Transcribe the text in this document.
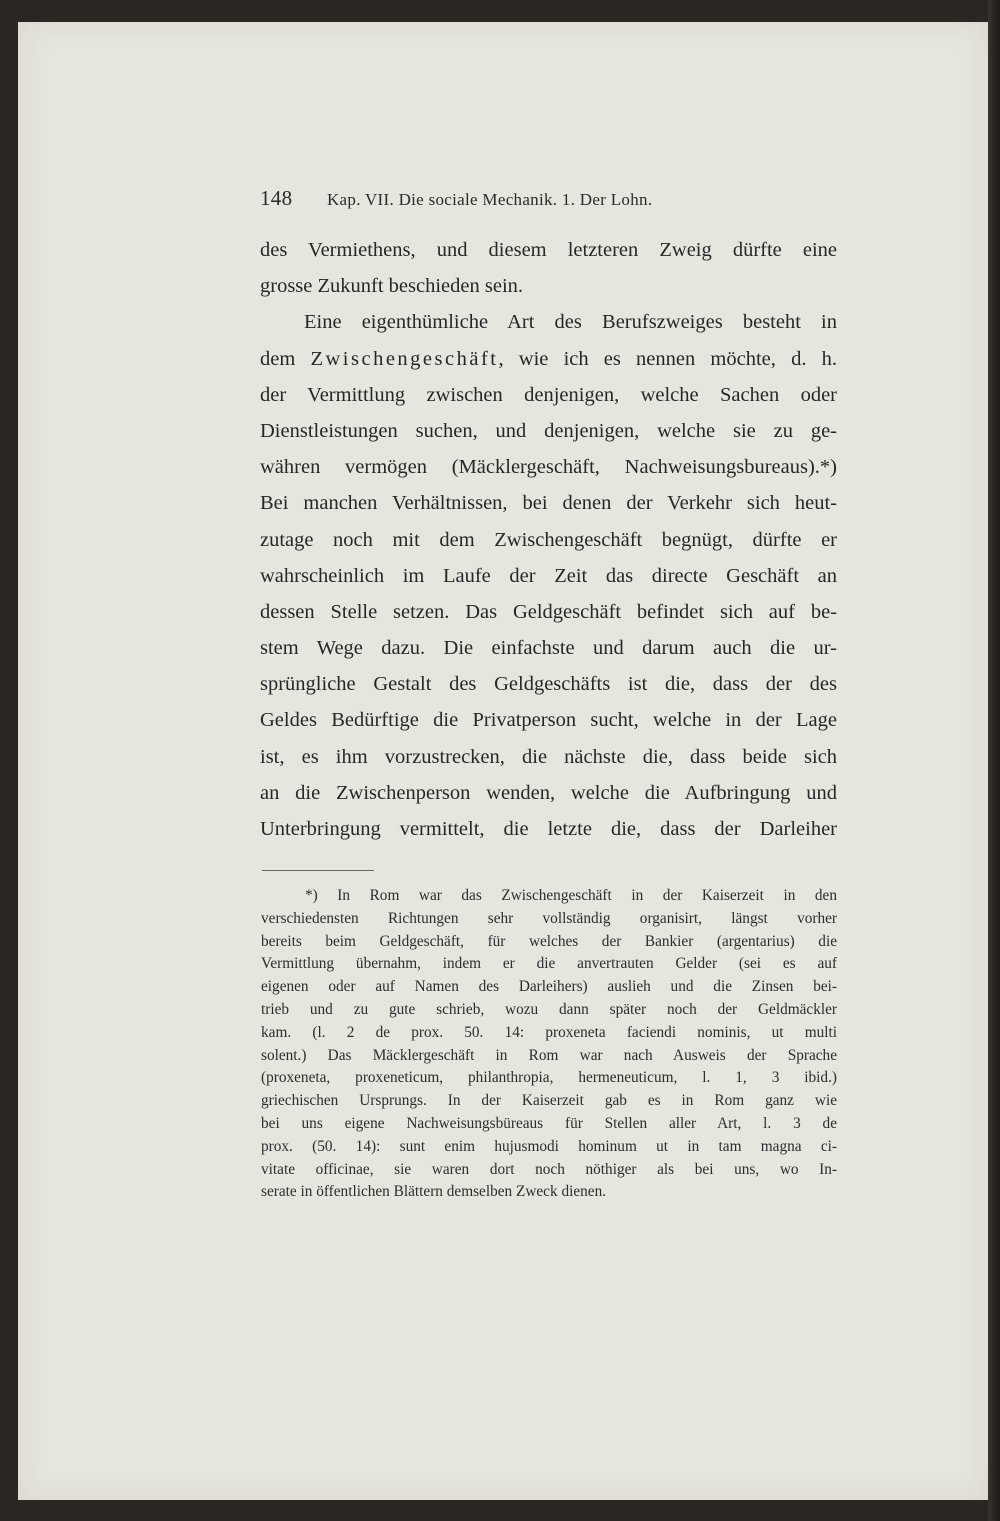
148 Kap. VII. Die sociale Mechanik. 1. Der Lohn.
des Vermiethens, und diesem letzteren Zweig dürfte eine
grosse Zukunft beschieden sein.
Eine eigenthümliche Art des Berufszweiges besteht in
dem Zwischengeschäft, wie ich es nennen möchte, d. h.
der Vermittlung zwischen denjenigen, welche Sachen oder
Dienstleistungen suchen, und denjenigen, welche sie zu ge-
währen vermögen (Mäcklergeschäft, Nachweisungsbureaus).*)
Bei manchen Verhältnissen, bei denen der Verkehr sich heut-
zutage noch mit dem Zwischengeschäft begnügt, dürfte er
wahrscheinlich im Laufe der Zeit das directe Geschäft an
dessen Stelle setzen. Das Geldgeschäft befindet sich auf be-
stem Wege dazu. Die einfachste und darum auch die ur-
sprüngliche Gestalt des Geldgeschäfts ist die, dass der des
Geldes Bedürftige die Privatperson sucht, welche in der Lage
ist, es ihm vorzustrecken, die nächste die, dass beide sich
an die Zwischenperson wenden, welche die Aufbringung und
Unterbringung vermittelt, die letzte die, dass der Darleiher
*) In Rom war das Zwischengeschäft in der Kaiserzeit in den
verschiedensten Richtungen sehr vollständig organisirt, längst vorher
bereits beim Geldgeschäft, für welches der Bankier (argentarius) die
Vermittlung übernahm, indem er die anvertrauten Gelder (sei es auf
eigenen oder auf Namen des Darleihers) auslieh und die Zinsen bei-
trieb und zu gute schrieb, wozu dann später noch der Geldmäckler
kam. (l. 2 de prox. 50. 14: proxeneta faciendi nominis, ut multi
solent.) Das Mäcklergeschäft in Rom war nach Ausweis der Sprache
(proxeneta, proxeneticum, philanthropia, hermeneuticum, l. 1, 3 ibid.)
griechischen Ursprungs. In der Kaiserzeit gab es in Rom ganz wie
bei uns eigene Nachweisungsbüreaus für Stellen aller Art, l. 3 de
prox. (50. 14): sunt enim hujusmodi hominum ut in tam magna ci-
vitate officinae, sie waren dort noch nöthiger als bei uns, wo In-
serate in öffentlichen Blättern demselben Zweck dienen.
